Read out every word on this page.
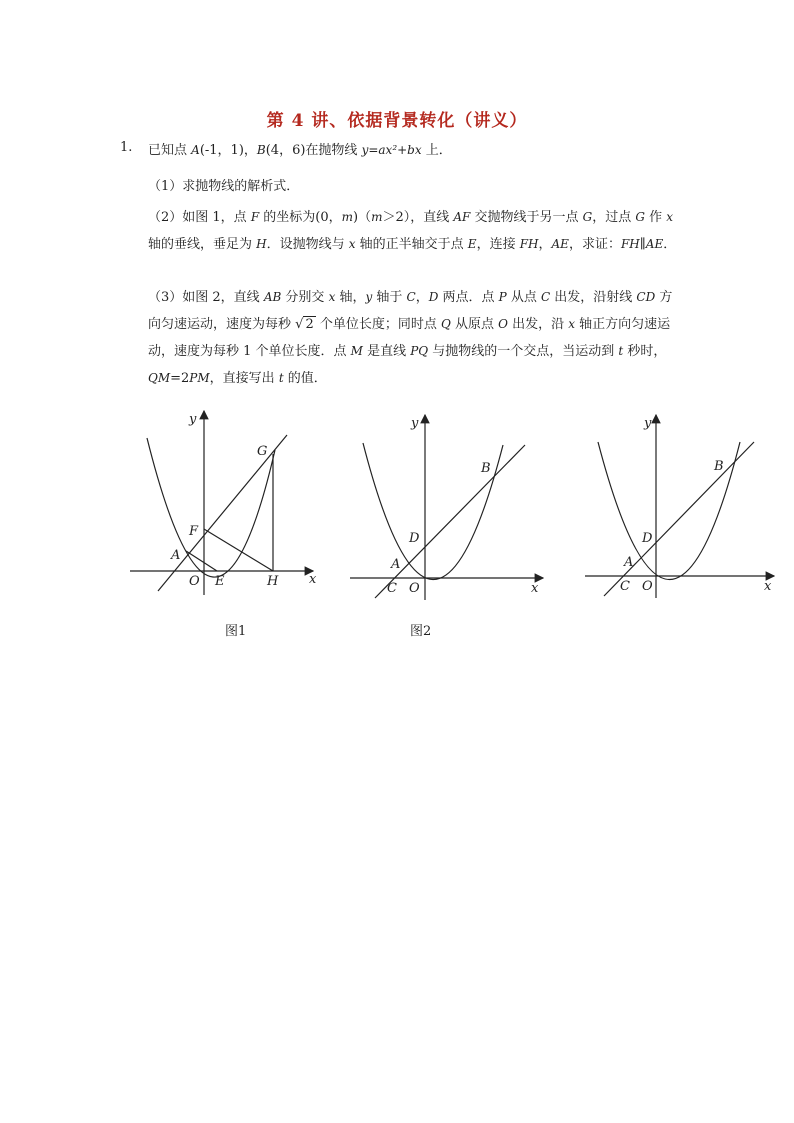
第 4 讲、依据背景转化（讲义）
1. 已知点 A(-1，1)，B(4，6)在抛物线 y=ax²+bx 上．
（1）求抛物线的解析式．
（2）如图 1，点 F 的坐标为(0，m)（m＞2），直线 AF 交抛物线于另一点 G，过点 G 作 x 轴的垂线，垂足为 H．设抛物线与 x 轴的正半轴交于点 E，连接 FH，AE，求证：FH∥AE．
（3）如图 2，直线 AB 分别交 x 轴，y 轴于 C，D 两点．点 P 从点 C 出发，沿射线 CD 方向匀速运动，速度为每秒 √ 2 个单位长度；同时点 Q 从原点 O 出发，沿 x 轴正方向匀速运动，速度为每秒 1 个单位长度．点 M 是直线 PQ 与抛物线的一个交点，当运动到 t 秒时，QM=2PM，直接写出 t 的值．
y
x
G
F
A
O E	H
图1
y
x
B
D
A
C O
图2
y
x
B
D
A
C O
